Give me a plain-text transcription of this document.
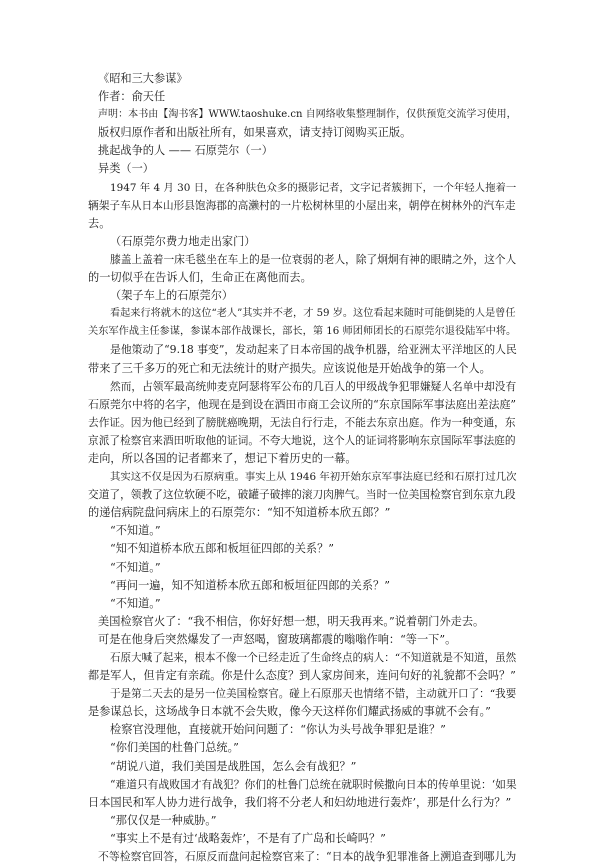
《昭和三大参谋》
作者：俞天任
声明：本书由【淘书客】WWW.taoshuke.cn 自网络收集整理制作，仅供预览交流学习使用，
版权归原作者和出版社所有，如果喜欢，请支持订阅购买正版。
挑起战争的人 —— 石原莞尔（一）
异类（一）
1947 年 4 月 30 日，在各种肤色众多的摄影记者，文字记者簇拥下，一个年轻人拖着一
辆架子车从日本山形县饱海郡的高濑村的一片松树林里的小屋出来，朝停在树林外的汽车走
去。
（石原莞尔费力地走出家门）
膝盖上盖着一床毛毯坐在车上的是一位衰弱的老人，除了炯炯有神的眼睛之外，这个人
的一切似乎在告诉人们，生命正在离他而去。
（架子车上的石原莞尔）
看起来行将就木的这位“老人”其实并不老，才 59 岁。这位看起来随时可能倒毙的人是曾任
关东军作战主任参谋，参谋本部作战课长，部长，第 16 师团师团长的石原莞尔退役陆军中将。
是他策动了“9.18 事变”，发动起来了日本帝国的战争机器，给亚洲太平洋地区的人民
带来了三千多万的死亡和无法统计的财产损失。应该说他是开始战争的第一个人。
然而，占领军最高统帅麦克阿瑟将军公布的几百人的甲级战争犯罪嫌疑人名单中却没有
石原莞尔中将的名字，他现在是到设在酒田市商工会议所的“东京国际军事法庭出差法庭”
去作证。因为他已经到了膀胱癌晚期，无法自行行走，不能去东京出庭。作为一种变通，东
京派了检察官来酒田听取他的证词。不夸大地说，这个人的证词将影响东京国际军事法庭的
走向，所以各国的记者都来了，想记下着历史的一幕。
其实这不仅是因为石原病重。事实上从 1946 年初开始东京军事法庭已经和石原打过几次
交道了，领教了这位软硬不吃，破罐子破摔的滚刀肉脾气。当时一位美国检察官到东京九段
的递信病院盘问病床上的石原莞尔：“知不知道桥本欣五郎？”
“不知道。”
“知不知道桥本欣五郎和板垣征四郎的关系？”
“不知道。”
“再问一遍，知不知道桥本欣五郎和板垣征四郎的关系？”
“不知道。”
美国检察官火了：“我不相信，你好好想一想，明天我再来。”说着朝门外走去。
可是在他身后突然爆发了一声怒喝，窗玻璃都震的嗡嗡作响：“等一下”。
石原大喊了起来，根本不像一个已经走近了生命终点的病人：“不知道就是不知道，虽然
都是军人，但肯定有亲疏。你是什么态度？到人家房间来，连问句好的礼貌都不会吗？”
于是第二天去的是另一位美国检察官。碰上石原那天也情绪不错，主动就开口了：“我要
是参谋总长，这场战争日本就不会失败，像今天这样你们耀武扬威的事就不会有。”
检察官没理他，直接就开始问问题了：“你认为头号战争罪犯是谁？”
“你们美国的杜鲁门总统。”
“胡说八道，我们美国是战胜国，怎么会有战犯？”
“难道只有战败国才有战犯？你们的杜鲁门总统在就职时候撒向日本的传单里说：‘如果
日本国民和军人协力进行战争，我们将不分老人和妇幼地进行轰炸’，那是什么行为？”
“那仅仅是一种威胁。”
“事实上不是有过‘战略轰炸’，不是有了广岛和长崎吗？”
不等检察官回答，石原反而盘问起检察官来了：“日本的战争犯罪准备上溯追查到哪儿为
